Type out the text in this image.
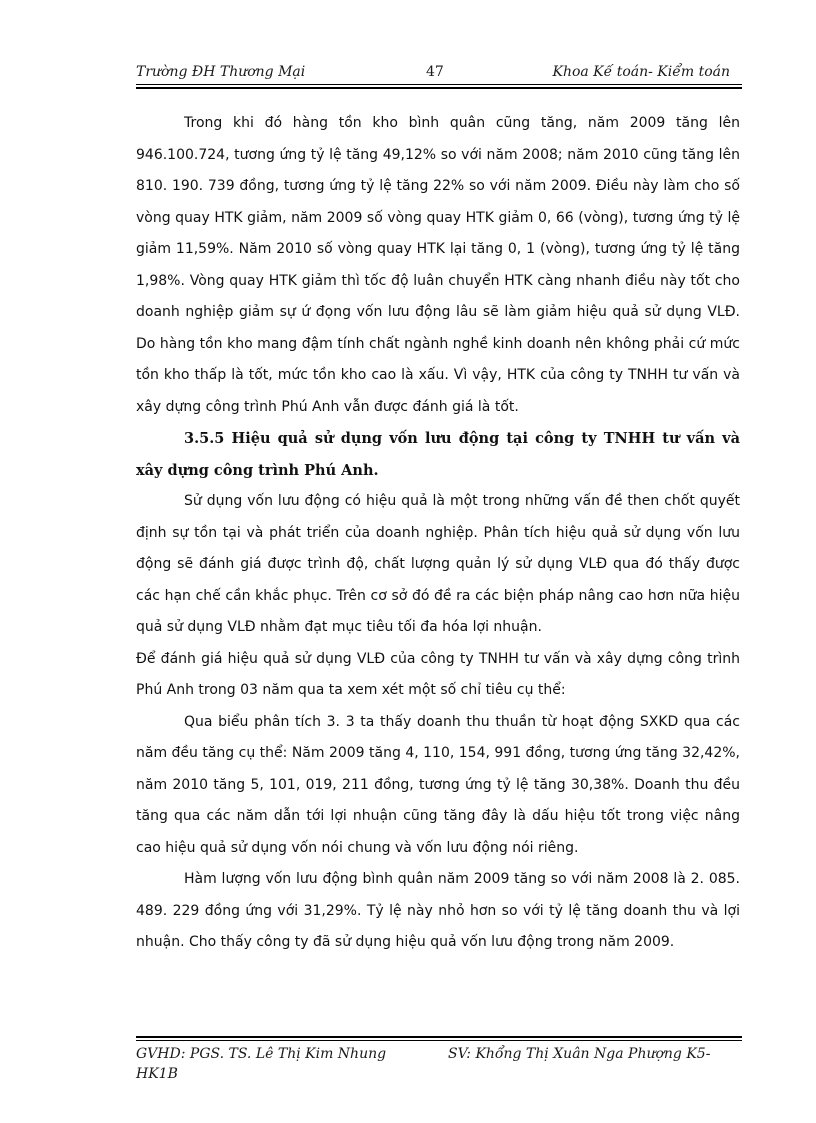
Trường ĐH Thương Mại	47	Khoa Kế toán- Kiểm toán

Trong khi đó hàng tồn kho bình quân cũng tăng, năm 2009 tăng lên 946.100.724, tương ứng tỷ lệ tăng 49,12% so với năm 2008; năm 2010 cũng tăng lên 810. 190. 739 đồng, tương ứng tỷ lệ tăng 22% so với năm 2009. Điều này làm cho số vòng quay HTK giảm, năm 2009 số vòng quay HTK giảm 0, 66 (vòng), tương ứng tỷ lệ giảm 11,59%. Năm 2010 số vòng quay HTK lại tăng 0, 1 (vòng), tương ứng tỷ lệ tăng 1,98%. Vòng quay HTK giảm thì tốc độ luân chuyển HTK càng nhanh điều này tốt cho doanh nghiệp giảm sự ứ đọng vốn lưu động lâu sẽ làm giảm hiệu quả sử dụng VLĐ. Do hàng tồn kho mang đậm tính chất ngành nghề kinh doanh nên không phải cứ mức tồn kho thấp là tốt, mức tồn kho cao là xấu. Vì vậy, HTK của công ty TNHH tư vấn và xây dựng công trình Phú Anh vẫn được đánh giá là tốt.

3.5.5 Hiệu quả sử dụng vốn lưu động tại công ty TNHH tư vấn và xây dựng công trình Phú Anh.

Sử dụng vốn lưu động có hiệu quả là một trong những vấn đề then chốt quyết định sự tồn tại và phát triển của doanh nghiệp. Phân tích hiệu quả sử dụng vốn lưu động sẽ đánh giá được trình độ, chất lượng quản lý sử dụng VLĐ qua đó thấy được các hạn chế cần khắc phục. Trên cơ sở đó đề ra các biện pháp nâng cao hơn nữa hiệu quả sử dụng VLĐ nhằm đạt mục tiêu tối đa hóa lợi nhuận.

Để đánh giá hiệu quả sử dụng VLĐ của công ty TNHH tư vấn và xây dựng công trình Phú Anh trong 03 năm qua ta xem xét một số chỉ tiêu cụ thể:

Qua biểu phân tích 3. 3 ta thấy doanh thu thuần từ hoạt động SXKD qua các năm đều tăng cụ thể: Năm 2009 tăng 4, 110, 154, 991 đồng, tương ứng tăng 32,42%, năm 2010 tăng 5, 101, 019, 211 đồng, tương ứng tỷ lệ tăng 30,38%. Doanh thu đều tăng qua các năm dẫn tới lợi nhuận cũng tăng đây là dấu hiệu tốt trong việc nâng cao hiệu quả sử dụng vốn nói chung và vốn lưu động nói riêng.

Hàm lượng vốn lưu động bình quân năm 2009 tăng so với năm 2008 là 2. 085. 489. 229 đồng ứng với 31,29%. Tỷ lệ này nhỏ hơn so với tỷ lệ tăng doanh thu và lợi nhuận. Cho thấy công ty đã sử dụng hiệu quả vốn lưu động trong năm 2009.

GVHD: PGS. TS. Lê Thị Kim Nhung	SV: Khổng Thị Xuân Nga Phượng K5-
HK1B
